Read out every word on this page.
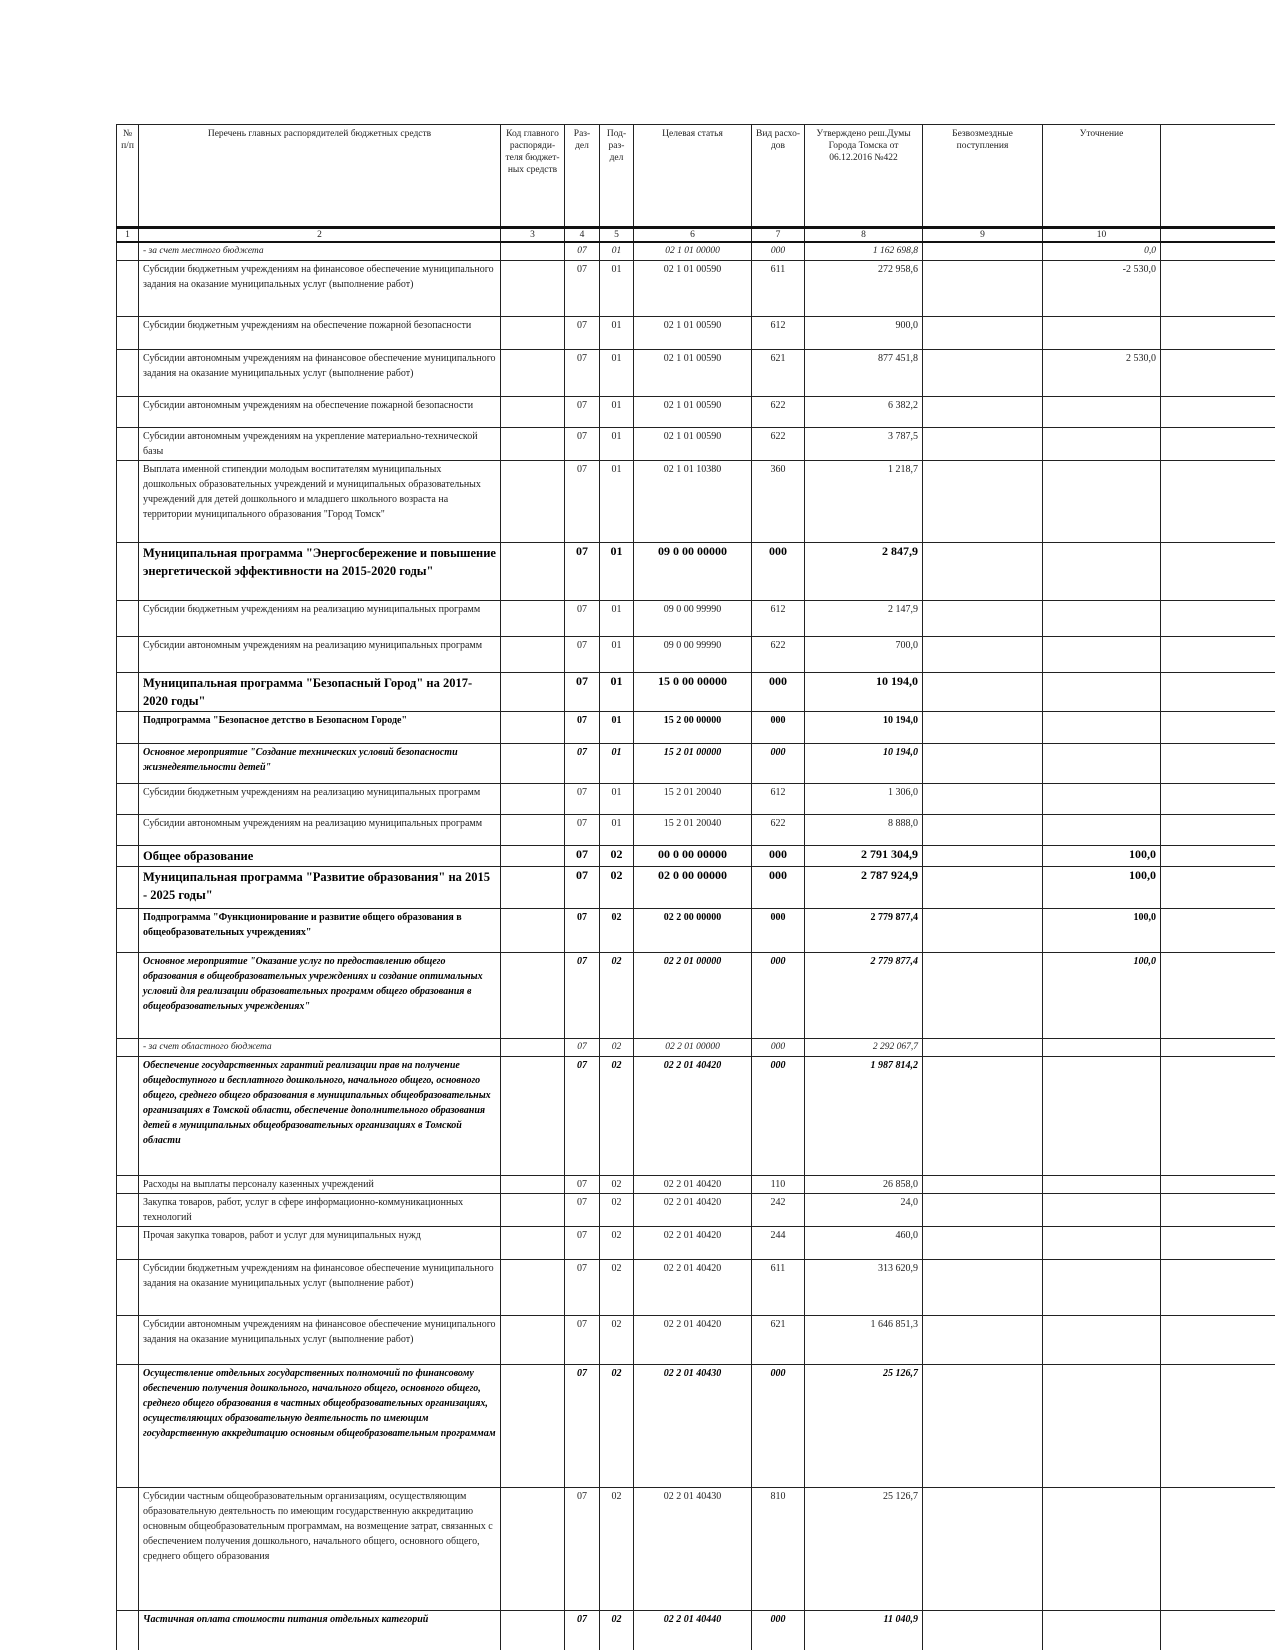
№ п/п	Перечень главных распорядителей бюджетных средств	Код главного распоряди-теля бюджет-ных средств	Раз-дел	Под-раз-дел	Целевая статья	Вид расхо-дов	Утверждено реш.Думы Города Томска от 06.12.2016 №422	Безвозмездные поступления	Уточнение	
1	2	3	4	5	6	7	8	9	10	
	- за счет местного бюджета		07	01	02 1 01 00000	000	1 162 698,8		0,0	
	Субсидии бюджетным учреждениям на финансовое обеспечение муниципального задания на оказание муниципальных услуг (выполнение работ)		07	01	02 1 01 00590	611	272 958,6		-2 530,0	
	Субсидии бюджетным учреждениям на обеспечение пожарной безопасности		07	01	02 1 01 00590	612	900,0			
	Субсидии автономным учреждениям на финансовое обеспечение муниципального задания на оказание муниципальных услуг (выполнение работ)		07	01	02 1 01 00590	621	877 451,8		2 530,0	
	Субсидии автономным учреждениям на обеспечение пожарной безопасности		07	01	02 1 01 00590	622	6 382,2			
	Субсидии автономным учреждениям на укрепление материально-технической базы		07	01	02 1 01 00590	622	3 787,5			
	Выплата именной стипендии молодым воспитателям муниципальных дошкольных образовательных учреждений и муниципальных образовательных учреждений для детей дошкольного и младшего школьного возраста на территории муниципального образования "Город Томск"		07	01	02 1 01 10380	360	1 218,7			
	Муниципальная программа "Энергосбережение и повышение энергетической эффективности на 2015-2020 годы"		07	01	09 0 00 00000	000	2 847,9			
	Субсидии бюджетным учреждениям на реализацию муниципальных программ		07	01	09 0 00 99990	612	2 147,9			
	Субсидии автономным учреждениям на реализацию муниципальных программ		07	01	09 0 00 99990	622	700,0			
	Муниципальная программа "Безопасный Город" на 2017-2020 годы"		07	01	15 0 00 00000	000	10 194,0			
	Подпрограмма "Безопасное детство в Безопасном Городе"		07	01	15 2 00 00000	000	10 194,0			
	Основное мероприятие "Создание технических условий безопасности жизнедеятельности детей"		07	01	15 2 01 00000	000	10 194,0			
	Субсидии бюджетным учреждениям на реализацию муниципальных программ		07	01	15 2 01 20040	612	1 306,0			
	Субсидии автономным учреждениям на реализацию муниципальных программ		07	01	15 2 01 20040	622	8 888,0			
	Общее образование		07	02	00 0 00 00000	000	2 791 304,9		100,0	
	Муниципальная программа "Развитие образования" на 2015 - 2025 годы"		07	02	02 0 00 00000	000	2 787 924,9		100,0	
	Подпрограмма "Функционирование и развитие общего образования в общеобразовательных учреждениях"		07	02	02 2 00 00000	000	2 779 877,4		100,0	
	Основное мероприятие "Оказание услуг по предоставлению общего образования в общеобразовательных учреждениях и создание оптимальных условий для реализации образовательных программ общего образования в общеобразовательных учреждениях"		07	02	02 2 01 00000	000	2 779 877,4		100,0	
	- за счет областного бюджета		07	02	02 2 01 00000	000	2 292 067,7			
	Обеспечение государственных гарантий реализации прав на получение общедоступного и бесплатного дошкольного, начального общего, основного общего, среднего общего образования в муниципальных общеобразовательных организациях в Томской области, обеспечение дополнительного образования детей в муниципальных общеобразовательных организациях в Томской области		07	02	02 2 01 40420	000	1 987 814,2			
	Расходы на выплаты персоналу казенных учреждений		07	02	02 2 01 40420	110	26 858,0			
	Закупка товаров, работ, услуг в сфере информационно-коммуникационных технологий		07	02	02 2 01 40420	242	24,0			
	Прочая закупка товаров, работ и услуг для муниципальных нужд		07	02	02 2 01 40420	244	460,0			
	Субсидии бюджетным учреждениям на финансовое обеспечение муниципального задания на оказание муниципальных услуг (выполнение работ)		07	02	02 2 01 40420	611	313 620,9			
	Субсидии автономным учреждениям на финансовое обеспечение муниципального задания на оказание муниципальных услуг (выполнение работ)		07	02	02 2 01 40420	621	1 646 851,3			
	Осуществление отдельных государственных полномочий по финансовому обеспечению получения дошкольного, начального общего, основного общего, среднего общего образования в частных общеобразовательных организациях, осуществляющих образовательную деятельность по имеющим государственную аккредитацию основным общеобразовательным программам		07	02	02 2 01 40430	000	25 126,7			
	Субсидии частным общеобразовательным организациям, осуществляющим образовательную деятельность по имеющим государственную аккредитацию основным общеобразовательным программам, на возмещение затрат, связанных с обеспечением получения дошкольного, начального общего, основного общего, среднего общего образования		07	02	02 2 01 40430	810	25 126,7			
	Частичная оплата стоимости питания отдельных категорий		07	02	02 2 01 40440	000	11 040,9			
